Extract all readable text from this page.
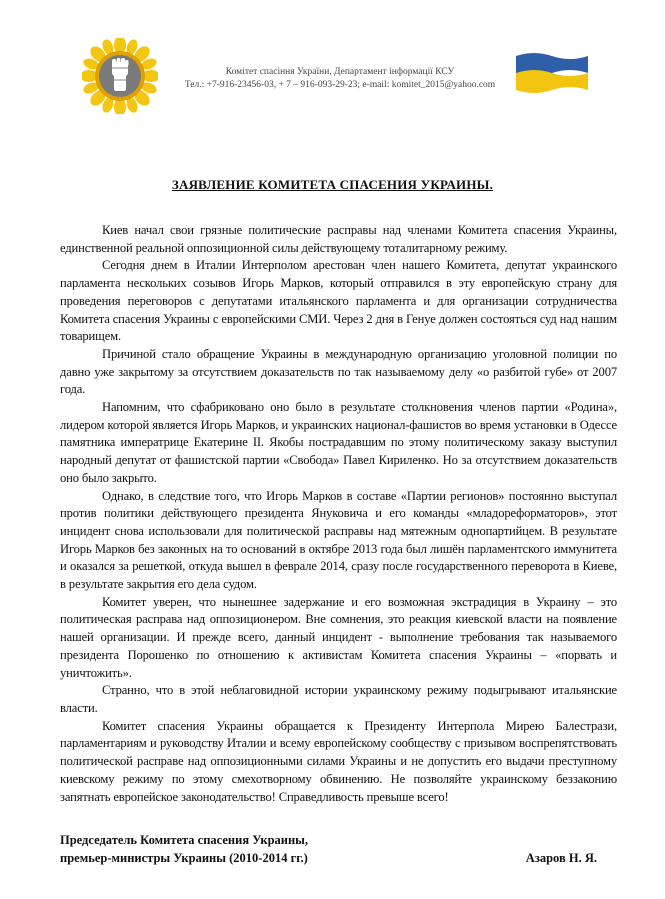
Комітет спасіння України, Департамент інформації КСУ
Тел.: +7-916-23456-03, + 7 – 916-093-29-23; e-mail: komitet_2015@yahoo.com
ЗАЯВЛЕНИЕ КОМИТЕТА СПАСЕНИЯ УКРАИНЫ.

Киев начал свои грязные политические расправы над членами Комитета спасения Украины, единственной реальной оппозиционной силы действующему тоталитарному режиму.

Сегодня днем в Италии Интерполом арестован член нашего Комитета, депутат украинского парламента нескольких созывов Игорь Марков, который отправился в эту европейскую страну для проведения переговоров с депутатами итальянского парламента и для организации сотрудничества Комитета спасения Украины с европейскими СМИ. Через 2 дня в Генуе должен состояться суд над нашим товарищем.

Причиной стало обращение Украины в международную организацию уголовной полиции по давно уже закрытому за отсутствием доказательств по так называемому делу «о разбитой губе» от 2007 года.

Напомним, что сфабриковано оно было в результате столкновения членов партии «Родина», лидером которой является Игорь Марков, и украинских национал-фашистов во время установки в Одессе памятника императрице Екатерине II. Якобы пострадавшим по этому политическому заказу выступил народный депутат от фашистской партии «Свобода» Павел Кириленко. Но за отсутствием доказательств оно было закрыто.

Однако, в следствие того, что Игорь Марков в составе «Партии регионов» постоянно выступал против политики действующего президента Януковича и его команды «младореформаторов», этот инцидент снова использовали для политической расправы над мятежным однопартийцем. В результате Игорь Марков без законных на то оснований в октябре 2013 года был лишён парламентского иммунитета и оказался за решеткой, откуда вышел в феврале 2014, сразу после государственного переворота в Киеве, в результате закрытия его дела судом.

Комитет уверен, что нынешнее задержание и его возможная экстрадиция в Украину – это политическая расправа над оппозиционером. Вне сомнения, это реакция киевской власти на появление нашей организации. И прежде всего, данный инцидент - выполнение требования так называемого президента Порошенко по отношению к активистам Комитета спасения Украины – «порвать и уничтожить».

Странно, что в этой неблаговидной истории украинскому режиму подыгрывают итальянские власти.

Комитет спасения Украины обращается к Президенту Интерпола Мирею Балестрази, парламентариям и руководству Италии и всему европейскому сообществу с призывом воспрепятствовать политической расправе над оппозиционными силами Украины и не допустить его выдачи преступному киевскому режиму по этому смехотворному обвинению. Не позволяйте украинскому беззаконию запятнать европейское законодательство! Справедливость превыше всего!

Председатель Комитета спасения Украины,
премьер-министры Украины (2010-2014 гг.)	Азаров Н. Я.
